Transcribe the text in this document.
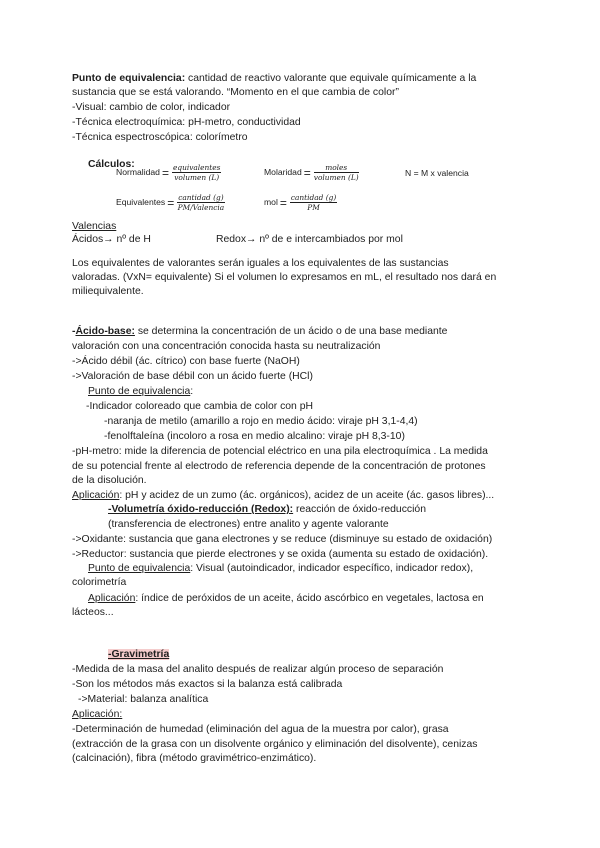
Punto de equivalencia: cantidad de reactivo valorante que equivale químicamente a la
sustancia que se está valorando. “Momento en el que cambia de color”
-Visual: cambio de color, indicador
-Técnica electroquímica: pH-metro, conductividad
-Técnica espectroscópica: colorímetro
Cálculos:
Normalidad = $\frac{\text{equivalentes}}{\text{volumen (L)}}$	Molaridad = $\frac{\text{moles}}{\text{volumen (L)}}$	N = M x valencia
Equivalentes = $\frac{\text{cantidad (g)}}{\text{PM/Valencia}}$	mol = $\frac{\text{cantidad (g)}}{PM}$
Valencias
Ácidos→ nº de H	Redox→ nº de e intercambiados por mol
Los equivalentes de valorantes serán iguales a los equivalentes de las sustancias
valoradas. (VxN= equivalente) Si el volumen lo expresamos en mL, el resultado nos dará en
miliequivalente.
-Ácido-base: se determina la concentración de un ácido o de una base mediante
valoración con una concentración conocida hasta su neutralización
->Ácido débil (ác. cítrico) con base fuerte (NaOH)
->Valoración de base débil con un ácido fuerte (HCl)
Punto de equivalencia:
-Indicador coloreado que cambia de color con pH
-naranja de metilo (amarillo a rojo en medio ácido: viraje pH 3,1-4,4)
-fenolftaleína (incoloro a rosa en medio alcalino: viraje pH 8,3-10)
-pH-metro: mide la diferencia de potencial eléctrico en una pila electroquímica . La medida
de su potencial frente al electrodo de referencia depende de la concentración de protones
de la disolución.
Aplicación: pH y acidez de un zumo (ác. orgánicos), acidez de un aceite (ác. gasos libres)...
-Volumetría óxido-reducción (Redox): reacción de óxido-reducción
(transferencia de electrones) entre analito y agente valorante
->Oxidante: sustancia que gana electrones y se reduce (disminuye su estado de oxidación)
->Reductor: sustancia que pierde electrones y se oxida (aumenta su estado de oxidación).
Punto de equivalencia: Visual (autoindicador, indicador específico, indicador redox),
colorimetría
Aplicación: índice de peróxidos de un aceite, ácido ascórbico en vegetales, lactosa en
lácteos...
-Gravimetría
-Medida de la masa del analito después de realizar algún proceso de separación
-Son los métodos más exactos si la balanza está calibrada
->Material: balanza analítica
Aplicación:
-Determinación de humedad (eliminación del agua de la muestra por calor), grasa
(extracción de la grasa con un disolvente orgánico y eliminación del disolvente), cenizas
(calcinación), fibra (método gravimétrico-enzimático).
